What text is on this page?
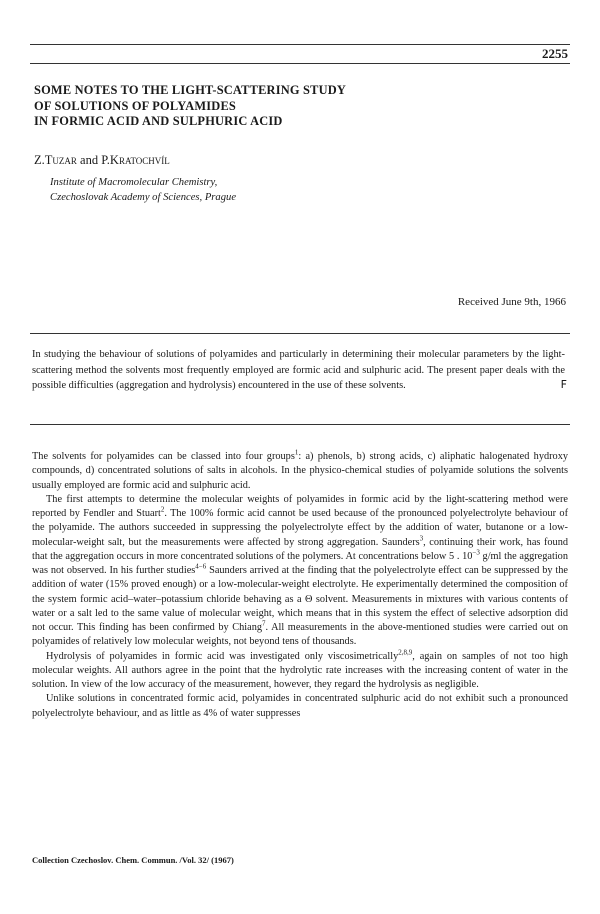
2255
SOME NOTES TO THE LIGHT-SCATTERING STUDY
OF SOLUTIONS OF POLYAMIDES
IN FORMIC ACID AND SULPHURIC ACID
Z.Tuzar and P.Kratochvíl
Institute of Macromolecular Chemistry,
Czechoslovak Academy of Sciences, Prague
Received June 9th, 1966
In studying the behaviour of solutions of polyamides and particularly in determining their molecular parameters by the light-scattering method the solvents most frequently employed are formic acid and sulphuric acid. The present paper deals with the possible difficulties (aggregation and hydrolysis) encountered in the use of these solvents.	ꓝ

The solvents for polyamides can be classed into four groups$^1$: a) phenols, b) strong acids, c) aliphatic halogenated hydroxy compounds, d) concentrated solutions of salts in alcohols. In the physico-chemical studies of polyamide solutions the solvents usually employed are formic acid and sulphuric acid.

The first attempts to determine the molecular weights of polyamides in formic acid by the light-scattering method were reported by Fendler and Stuart$^2$. The 100% formic acid cannot be used because of the pronounced polyelectrolyte behaviour of the polyamide. The authors succeeded in suppressing the polyelectrolyte effect by the addition of water, butanone or a low-molecular-weight salt, but the measurements were affected by strong aggregation. Saunders$^3$, continuing their work, has found that the aggregation occurs in more concentrated solutions of the polymers. At concentrations below 5 . $10^{-3}$ g/ml the aggregation was not observed. In his further studies$^{4-6}$ Saunders arrived at the finding that the polyelectrolyte effect can be suppressed by the addition of water (15% proved enough) or a low-molecular-weight electrolyte. He experimentally determined the composition of the system formic acid–water–potassium chloride behaving as a Θ solvent. Measurements in mixtures with various contents of water or a salt led to the same value of molecular weight, which means that in this system the effect of selective adsorption did not occur. This finding has been confirmed by Chiang$^7$. All measurements in the above-mentioned studies were carried out on polyamides of relatively low molecular weights, not beyond tens of thousands.

Hydrolysis of polyamides in formic acid was investigated only viscosimetrically$^{2,8,9}$, again on samples of not too high molecular weights. All authors agree in the point that the hydrolytic rate increases with the increasing content of water in the solution. In view of the low accuracy of the measurement, however, they regard the hydrolysis as negligible.

Unlike solutions in concentrated formic acid, polyamides in concentrated sulphuric acid do not exhibit such a pronounced polyelectrolyte behaviour, and as little as 4% of water suppresses

Collection Czechoslov. Chem. Commun. /Vol. 32/ (1967)
